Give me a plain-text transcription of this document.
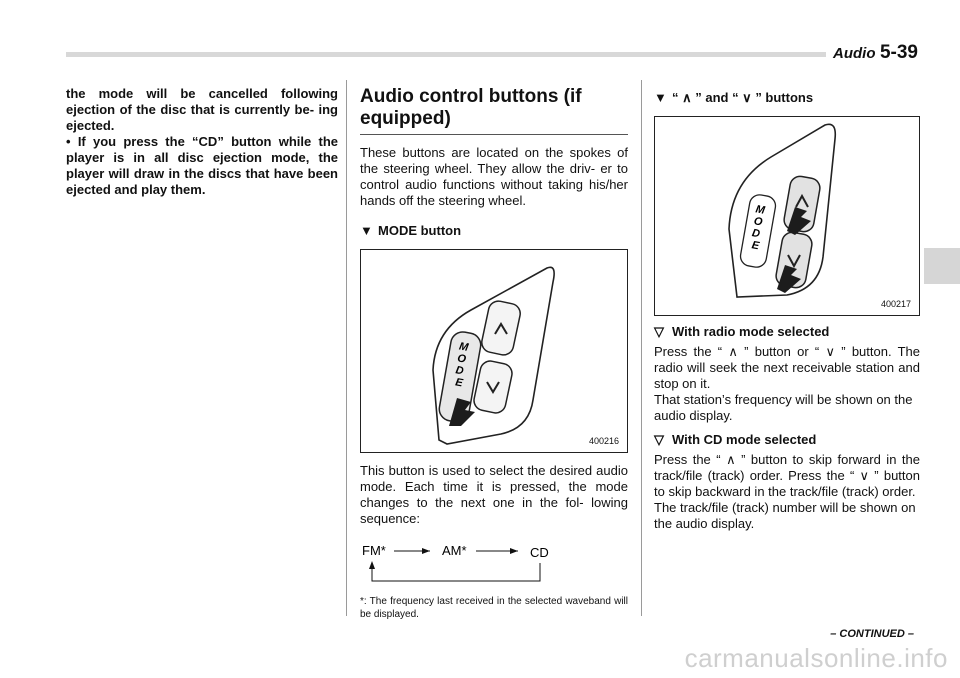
Audio 5-39

the mode will be cancelled following ejection of the disc that is currently be- ing ejected.

• If you press the “CD” button while the player is in all disc ejection mode, the player will draw in the discs that have been ejected and play them.

Audio control buttons (if equipped)

These buttons are located on the spokes of the steering wheel. They allow the driv- er to control audio functions without taking his/her hands off the steering wheel.

▼ MODE button
M O D E
400216

This button is used to select the desired audio mode. Each time it is pressed, the mode changes to the next one in the fol- lowing sequence:

FM*	AM*	CD

*: The frequency last received in the selected waveband will be displayed.

▼ “ ∧ ” and “ ∨ ” buttons
M O D E
400217
▽ With radio mode selected

Press the “ ∧ ” button or “ ∨ ” button. The radio will seek the next receivable station and stop on it.

That station’s frequency will be shown on the audio display.

▽ With CD mode selected

Press the “ ∧ ” button to skip forward in the track/file (track) order. Press the “ ∨ ” button to skip backward in the track/file (track) order.

The track/file (track) number will be shown on the audio display.

– CONTINUED –
carmanualsonline.info
